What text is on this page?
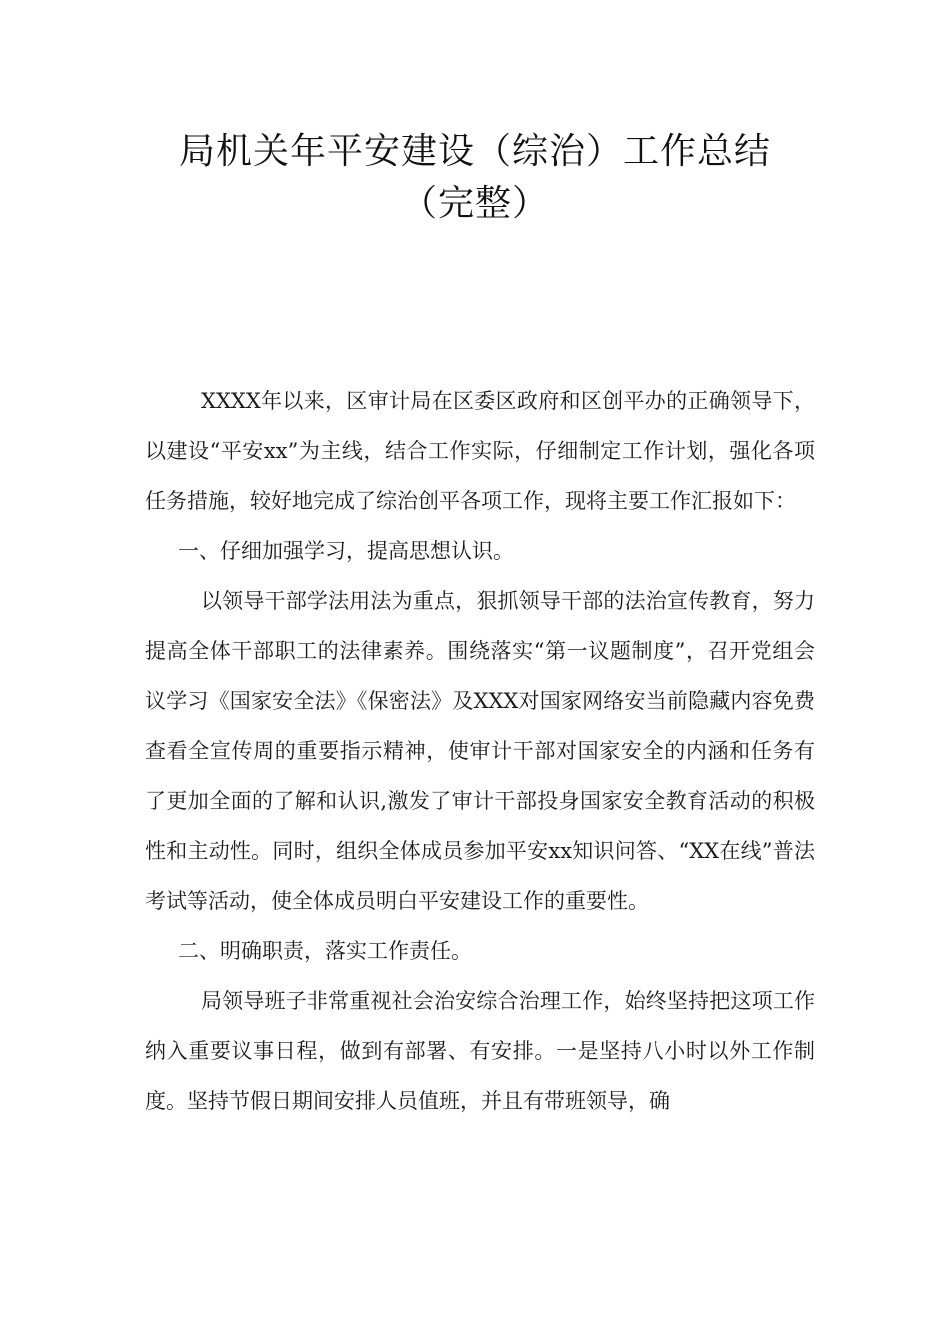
局机关年平安建设（综治）工作总结
（完整）

XXXX年以来，区审计局在区委区政府和区创平办的正确领导下，以建设“平安xx”为主线，结合工作实际，仔细制定工作计划，强化各项任务措施，较好地完成了综治创平各项工作，现将主要工作汇报如下：

一、仔细加强学习，提高思想认识。

以领导干部学法用法为重点，狠抓领导干部的法治宣传教育，努力提高全体干部职工的法律素养。围绕落实“第一议题制度”，召开党组会议学习《国家安全法》《保密法》及XXX对国家网络安当前隐藏内容免费查看全宣传周的重要指示精神，使审计干部对国家安全的内涵和任务有了更加全面的了解和认识,激发了审计干部投身国家安全教育活动的积极性和主动性。同时，组织全体成员参加平安xx知识问答、“XX在线”普法考试等活动，使全体成员明白平安建设工作的重要性。

二、明确职责，落实工作责任。

局领导班子非常重视社会治安综合治理工作，始终坚持把这项工作纳入重要议事日程，做到有部署、有安排。一是坚持八小时以外工作制度。坚持节假日期间安排人员值班，并且有带班领导，确
